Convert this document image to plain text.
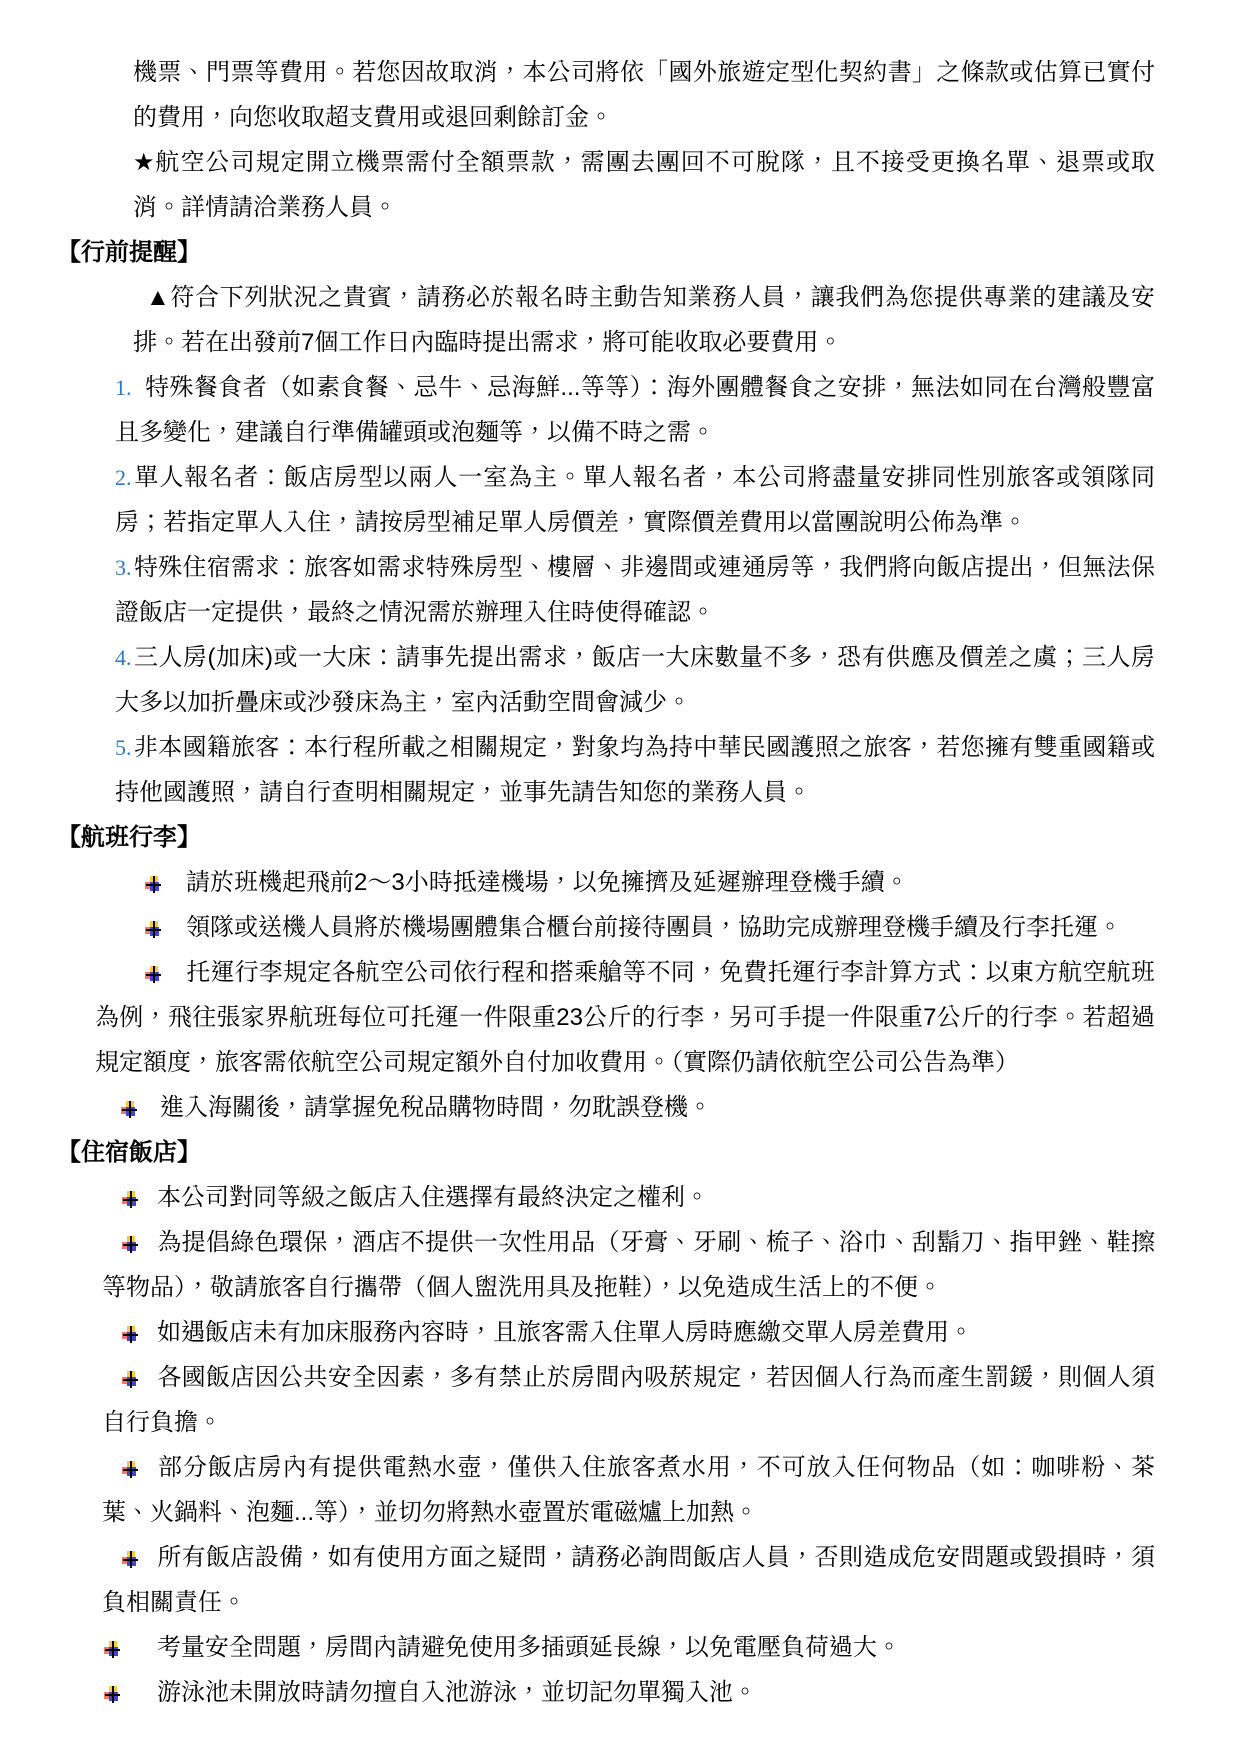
機票、門票等費用。若您因故取消，本公司將依「國外旅遊定型化契約書」之條款或估算已實付的費用，向您收取超支費用或退回剩餘訂金。

★航空公司規定開立機票需付全額票款，需團去團回不可脫隊，且不接受更換名單、退票或取消。詳情請洽業務人員。

【行前提醒】

▲符合下列狀況之貴賓，請務必於報名時主動告知業務人員，讓我們為您提供專業的建議及安排。若在出發前7個工作日內臨時提出需求，將可能收取必要費用。

1. 特殊餐食者（如素食餐、忌牛、忌海鮮...等等）：海外團體餐食之安排，無法如同在台灣般豐富且多變化，建議自行準備罐頭或泡麵等，以備不時之需。

2.單人報名者：飯店房型以兩人一室為主。單人報名者，本公司將盡量安排同性別旅客或領隊同房；若指定單人入住，請按房型補足單人房價差，實際價差費用以當團說明公佈為準。

3.特殊住宿需求：旅客如需求特殊房型、樓層、非邊間或連通房等，我們將向飯店提出，但無法保證飯店一定提供，最終之情況需於辦理入住時使得確認。

4.三人房(加床)或一大床：請事先提出需求，飯店一大床數量不多，恐有供應及價差之虞；三人房大多以加折疊床或沙發床為主，室內活動空間會減少。

5.非本國籍旅客：本行程所載之相關規定，對象均為持中華民國護照之旅客，若您擁有雙重國籍或持他國護照，請自行查明相關規定，並事先請告知您的業務人員。

【航班行李】

請於班機起飛前2～3小時抵達機場，以免擁擠及延遲辦理登機手續。

領隊或送機人員將於機場團體集合櫃台前接待團員，協助完成辦理登機手續及行李托運。

托運行李規定各航空公司依行程和搭乘艙等不同，免費托運行李計算方式：以東方航空航班為例，飛往張家界航班每位可托運一件限重23公斤的行李，另可手提一件限重7公斤的行李。若超過規定額度，旅客需依航空公司規定額外自付加收費用。（實際仍請依航空公司公告為準）

進入海關後，請掌握免稅品購物時間，勿耽誤登機。

【住宿飯店】

本公司對同等級之飯店入住選擇有最終決定之權利。

為提倡綠色環保，酒店不提供一次性用品（牙膏、牙刷、梳子、浴巾、刮鬍刀、指甲銼、鞋擦等物品），敬請旅客自行攜帶（個人盥洗用具及拖鞋），以免造成生活上的不便。

如遇飯店未有加床服務內容時，且旅客需入住單人房時應繳交單人房差費用。

各國飯店因公共安全因素，多有禁止於房間內吸菸規定，若因個人行為而產生罰鍰，則個人須自行負擔。

部分飯店房內有提供電熱水壺，僅供入住旅客煮水用，不可放入任何物品（如：咖啡粉、茶葉、火鍋料、泡麵...等），並切勿將熱水壺置於電磁爐上加熱。

所有飯店設備，如有使用方面之疑問，請務必詢問飯店人員，否則造成危安問題或毀損時，須負相關責任。

考量安全問題，房間內請避免使用多插頭延長線，以免電壓負荷過大。

游泳池未開放時請勿擅自入池游泳，並切記勿單獨入池。
